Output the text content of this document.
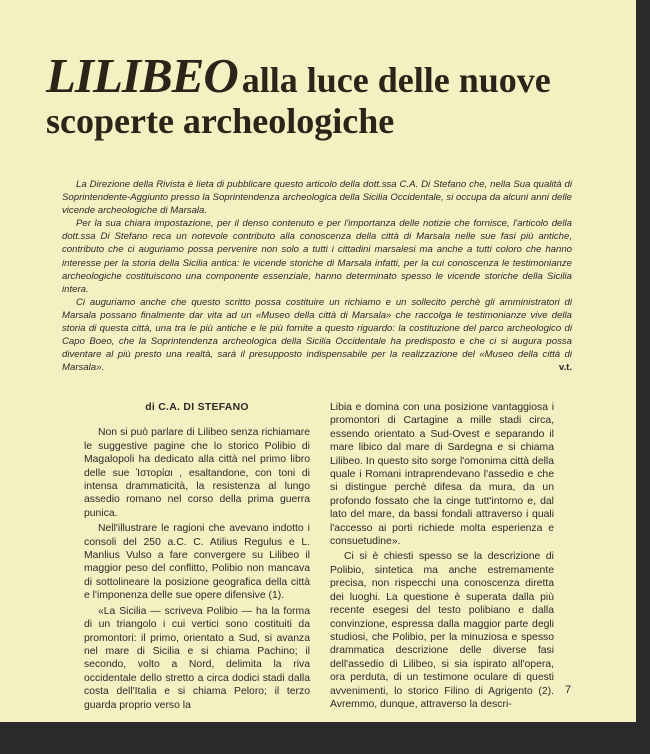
LILIBEO alla luce delle nuove
scoperte archeologiche

La Direzione della Rivista è lieta di pubblicare questo articolo della dott.ssa C.A. Di Stefano che, nella Sua qualità di Soprintendente-Aggiunto presso la Soprintendenza archeologica della Sicilia Occidentale, si occupa da alcuni anni delle vicende archeologiche di Marsala.

Per la sua chiara impostazione, per il denso contenuto e per l'importanza delle notizie che fornisce, l'articolo della dott.ssa Di Stefano reca un notevole contributo alla conoscenza della città di Marsala nelle sue fasi più antiche, contributo che ci auguriamo possa pervenire non solo a tutti i cittadini marsalesi ma anche a tutti coloro che hanno interesse per la storia della Sicilia antica: le vicende storiche di Marsala infatti, per la cui conoscenza le testimonianze archeologiche costituiscono una componente essenziale, hanno determinato spesso le vicende storiche della Sicilia intera.

Ci auguriamo anche che questo scritto possa costituire un richiamo e un sollecito perchè gli amministratori di Marsala possano finalmente dar vita ad un «Museo della città di Marsala» che raccolga le testimonianze vive della storia di questa città, una tra le più antiche e le più fornite a questo riguardo: la costituzione del parco archeologico di Capo Boeo, che la Soprintendenza archeologica della Sicilia Occidentale ha predisposto e che ci si augura possa diventare al più presto una realtà, sarà il presupposto indispensabile per la realizzazione del «Museo della città di Marsala».	v.t.
di C.A. DI STEFANO

Non si può parlare di Lilibeo senza richiamare le suggestive pagine che lo storico Polibio di Magalopoli ha dedicato alla città nel primo libro delle sue Ἱστορίαι , esaltandone, con toni di intensa drammaticità, la resistenza al lungo assedio romano nel corso della prima guerra punica.

Nell'illustrare le ragioni che avevano indotto i consoli del 250 a.C. C. Atilius Regulus e L. Manlius Vulso a fare convergere su Lilibeo il maggior peso del conflitto, Polibio non mancava di sottolineare la posizione geografica della città e l'imponenza delle sue opere difensive (1).

«La Sicilia — scriveva Polibio — ha la forma di un triangolo i cui vertici sono costituiti da promontori: il primo, orientato a Sud, si avanza nel mare di Sicilia e si chiama Pachino; il secondo, volto a Nord, delimita la riva occidentale dello stretto a circa dodici stadi dalla costa dell'Italia e si chiama Peloro; il terzo guarda proprio verso la

Libia e domina con una posizione vantaggiosa i promontori di Cartagine a mille stadi circa, essendo orientato a Sud-Ovest e separando il mare libico dal mare di Sardegna e si chiama Lilibeo. In questo sito sorge l'omonima città della quale i Romani intraprendevano l'assedio e che si distingue perchè difesa da mura, da un profondo fossato che la cinge tutt'intorno e, dal lato del mare, da bassi fondali attraverso i quali l'accesso ai porti richiede molta esperienza e consuetudine».

Ci si è chiesti spesso se la descrizione di Polibio, sintetica ma anche estremamente precisa, non rispecchi una conoscenza diretta dei luoghi. La questione è superata dalla più recente esegesi del testo polibiano e dalla convinzione, espressa dalla maggior parte degli studiosi, che Polibio, per la minuziosa e spesso drammatica descrizione delle diverse fasi dell'assedio di Lilibeo, si sia ispirato all'opera, ora perduta, di un testimone oculare di questi avvenimenti, lo storico Filino di Agrigento (2). Avremmo, dunque, attraverso la descri-

7
